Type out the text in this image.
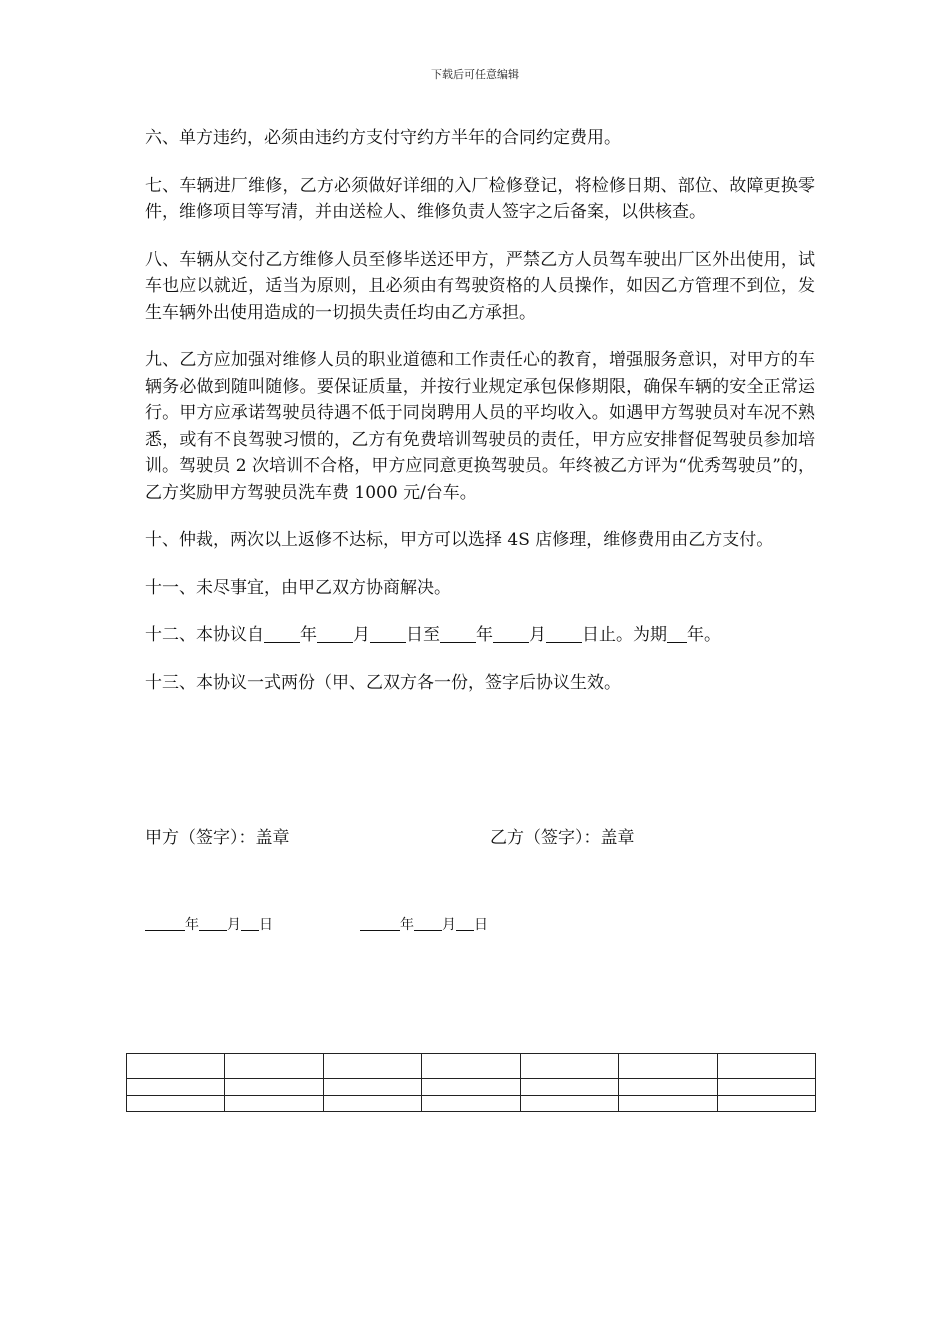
下载后可任意编辑

六、单方违约，必须由违约方支付守约方半年的合同约定费用。

七、车辆进厂维修，乙方必须做好详细的入厂检修登记，将检修日期、部位、故障更换零件，维修项目等写清，并由送检人、维修负责人签字之后备案，以供核查。

八、车辆从交付乙方维修人员至修毕送还甲方，严禁乙方人员驾车驶出厂区外出使用，试车也应以就近，适当为原则，且必须由有驾驶资格的人员操作，如因乙方管理不到位，发生车辆外出使用造成的一切损失责任均由乙方承担。

九、乙方应加强对维修人员的职业道德和工作责任心的教育，增强服务意识，对甲方的车辆务必做到随叫随修。要保证质量，并按行业规定承包保修期限，确保车辆的安全正常运行。甲方应承诺驾驶员待遇不低于同岗聘用人员的平均收入。如遇甲方驾驶员对车况不熟悉，或有不良驾驶习惯的，乙方有免费培训驾驶员的责任，甲方应安排督促驾驶员参加培训。驾驶员 2 次培训不合格，甲方应同意更换驾驶员。年终被乙方评为“优秀驾驶员”的，乙方奖励甲方驾驶员洗车费 1000 元/台车。

十、仲裁，两次以上返修不达标，甲方可以选择 4S 店修理，维修费用由乙方支付。

十一、未尽事宜，由甲乙双方协商解决。

十二、本协议自 年 月 日至 年 月 日止。为期 年。

十三、本协议一式两份（甲、乙双方各一份，签字后协议生效。

甲方（签字）：盖章	乙方（签字）：盖章
年 月 日	年 月 日
